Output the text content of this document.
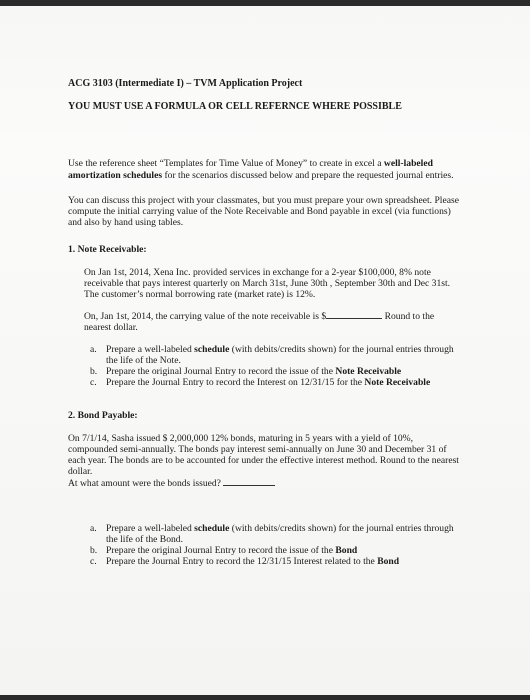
ACG 3103 (Intermediate I) – TVM Application Project

YOU MUST USE A FORMULA OR CELL REFERNCE WHERE POSSIBLE

Use the reference sheet “Templates for Time Value of Money” to create in excel a well-labeled amortization schedules for the scenarios discussed below and prepare the requested journal entries.

You can discuss this project with your classmates, but you must prepare your own spreadsheet. Please compute the initial carrying value of the Note Receivable and Bond payable in excel (via functions) and also by hand using tables.

1. Note Receivable:

On Jan 1st, 2014, Xena Inc. provided services in exchange for a 2-year $100,000, 8% note receivable that pays interest quarterly on March 31st, June 30th , September 30th and Dec 31st. The customer’s normal borrowing rate (market rate) is 12%.

On, Jan 1st, 2014, the carrying value of the note receivable is $	Round to the nearest dollar.

a. Prepare a well-labeled schedule (with debits/credits shown) for the journal entries through the life of the Note.
b. Prepare the original Journal Entry to record the issue of the Note Receivable
c. Prepare the Journal Entry to record the Interest on 12/31/15 for the Note Receivable

2. Bond Payable:

On 7/1/14, Sasha issued $ 2,000,000 12% bonds, maturing in 5 years with a yield of 10%, compounded semi-annually. The bonds pay interest semi-annually on June 30 and December 31 of each year. The bonds are to be accounted for under the effective interest method. Round to the nearest dollar.

At what amount were the bonds issued?

a. Prepare a well-labeled schedule (with debits/credits shown) for the journal entries through the life of the Bond.
b. Prepare the original Journal Entry to record the issue of the Bond
c. Prepare the Journal Entry to record the 12/31/15 Interest related to the Bond
